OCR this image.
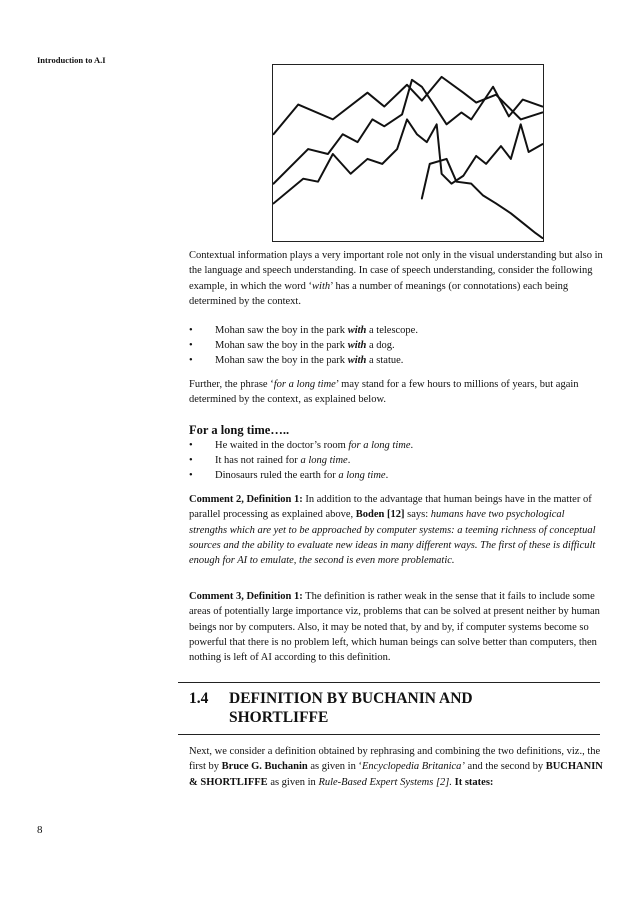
Introduction to A.I

Contextual information plays a very important role not only in the visual understanding but also in the language and speech understanding. In case of speech understanding, consider the following example, in which the word ‘with’ has a number of meanings (or connotations) each being determined by the context.

• Mohan saw the boy in the park with a telescope.
• Mohan saw the boy in the park with a dog.
• Mohan saw the boy in the park with a statue.

Further, the phrase ‘for a long time’ may stand for a few hours to millions of years, but again determined by the context, as explained below.

For a long time…..
• He waited in the doctor’s room for a long time.
• It has not rained for a long time.
• Dinosaurs ruled the earth for a long time.

Comment 2, Definition 1: In addition to the advantage that human beings have in the matter of parallel processing as explained above, Boden [12] says: humans have two psychological strengths which are yet to be approached by computer systems: a teeming richness of conceptual sources and the ability to evaluate new ideas in many different ways. The first of these is difficult enough for AI to emulate, the second is even more problematic.

Comment 3, Definition 1: The definition is rather weak in the sense that it fails to include some areas of potentially large importance viz, problems that can be solved at present neither by human beings nor by computers. Also, it may be noted that, by and by, if computer systems become so powerful that there is no problem left, which human beings can solve better than computers, then nothing is left of AI according to this definition.

1.4 DEFINITION BY BUCHANIN AND
SHORTLIFFE

Next, we consider a definition obtained by rephrasing and combining the two definitions, viz., the first by Bruce G. Buchanin as given in ‘Encyclopedia Britanica’ and the second by BUCHANIN & SHORTLIFFE as given in Rule-Based Expert Systems [2]. It states:

8
